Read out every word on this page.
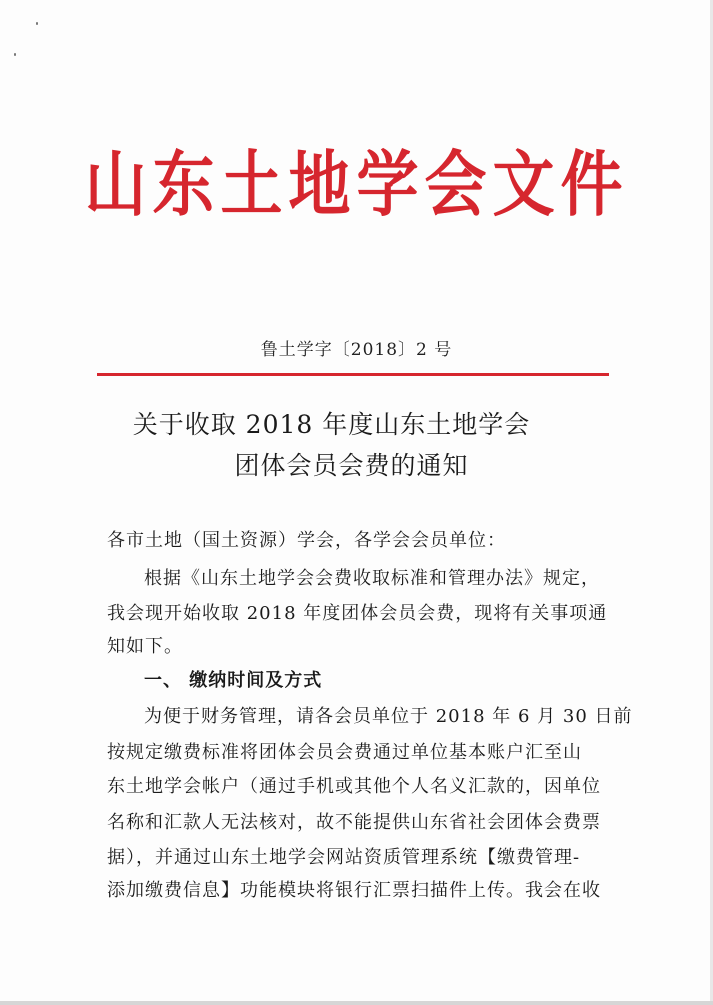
山东土地学会文件
鲁土学字〔2018〕2 号
关于收取 2018 年度山东土地学会
团体会员会费的通知
各市土地（国土资源）学会，各学会会员单位：
根据《山东土地学会会费收取标准和管理办法》规定，
我会现开始收取 2018 年度团体会员会费，现将有关事项通
知如下。
一、 缴纳时间及方式
为便于财务管理，请各会员单位于 2018 年 6 月 30 日前
按规定缴费标准将团体会员会费通过单位基本账户汇至山
东土地学会帐户（通过手机或其他个人名义汇款的，因单位
名称和汇款人无法核对，故不能提供山东省社会团体会费票
据），并通过山东土地学会网站资质管理系统【缴费管理-
添加缴费信息】功能模块将银行汇票扫描件上传。我会在收
